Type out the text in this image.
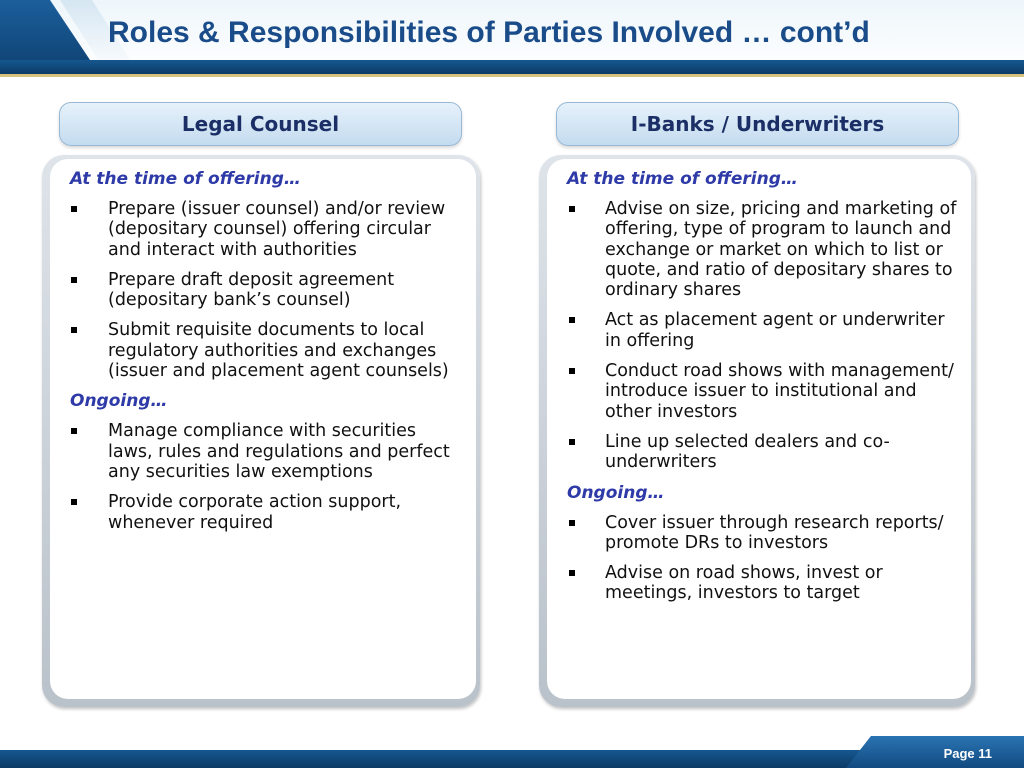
Roles & Responsibilities of Parties Involved … cont’d
Legal Counsel	I-Banks / Underwriters

At the time of offering…

Prepare (issuer counsel) and/or review (depositary counsel) offering circular and interact with authorities
Prepare draft deposit agreement (depositary bank’s counsel)
Submit requisite documents to local regulatory authorities and exchanges (issuer and placement agent counsels)

Ongoing…

Manage compliance with securities laws, rules and regulations and perfect any securities law exemptions
Provide corporate action support, whenever required

At the time of offering…

Advise on size, pricing and marketing of offering, type of program to launch and exchange or market on which to list or quote, and ratio of depositary shares to ordinary shares
Act as placement agent or underwriter in offering
Conduct road shows with management/ introduce issuer to institutional and other investors
Line up selected dealers and co-underwriters

Ongoing…

Cover issuer through research reports/ promote DRs to investors
Advise on road shows, invest or meetings, investors to target
Page 11
